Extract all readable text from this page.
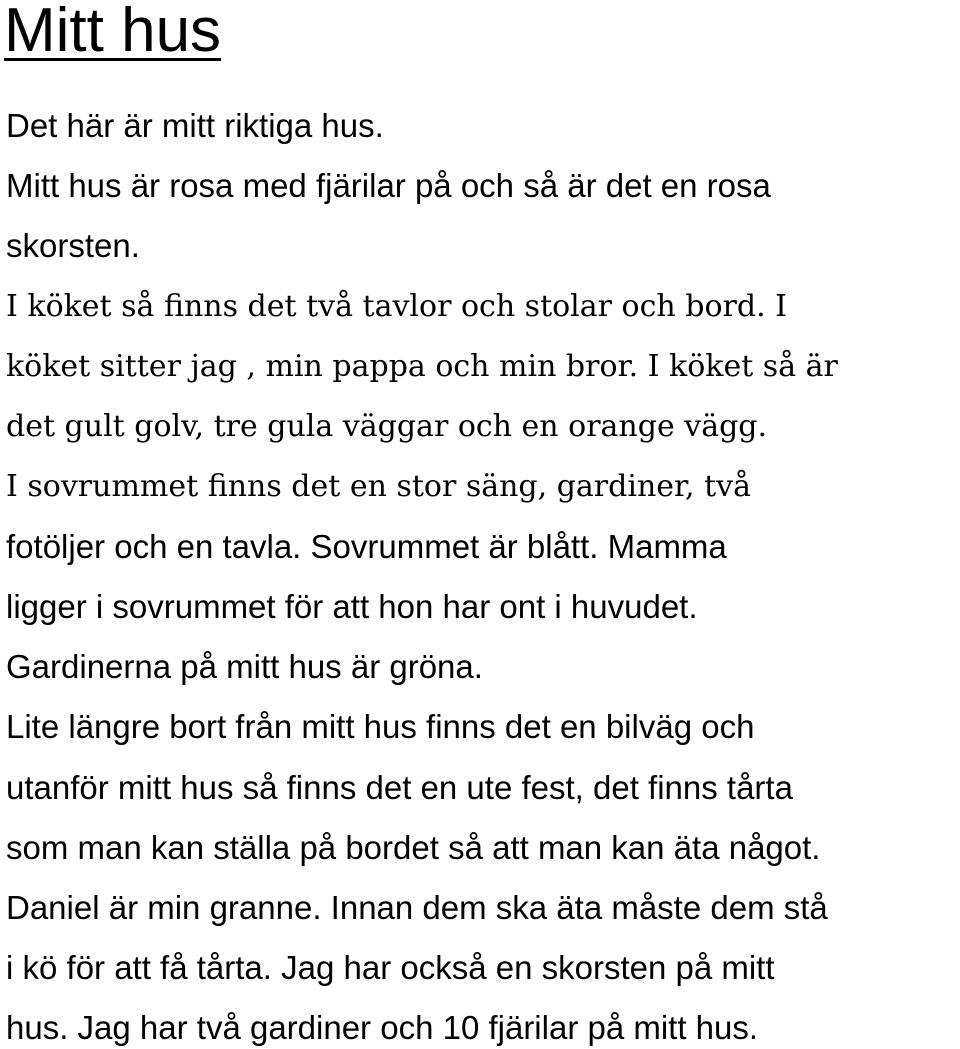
Mitt hus

Det här är mitt riktiga hus.

Mitt hus är rosa med fjärilar på och så är det en rosa

skorsten.

I köket så finns det två tavlor och stolar och bord. I

köket sitter jag , min pappa och min bror. I köket så är

det gult golv, tre gula väggar och en orange vägg.

I sovrummet finns det en stor säng, gardiner, två

fotöljer och en tavla. Sovrummet är blått. Mamma

ligger i sovrummet för att hon har ont i huvudet.

Gardinerna på mitt hus är gröna.

Lite längre bort från mitt hus finns det en bilväg och

utanför mitt hus så finns det en ute fest, det finns tårta

som man kan ställa på bordet så att man kan äta något.

Daniel är min granne. Innan dem ska äta måste dem stå

i kö för att få tårta. Jag har också en skorsten på mitt

hus. Jag har två gardiner och 10 fjärilar på mitt hus.
